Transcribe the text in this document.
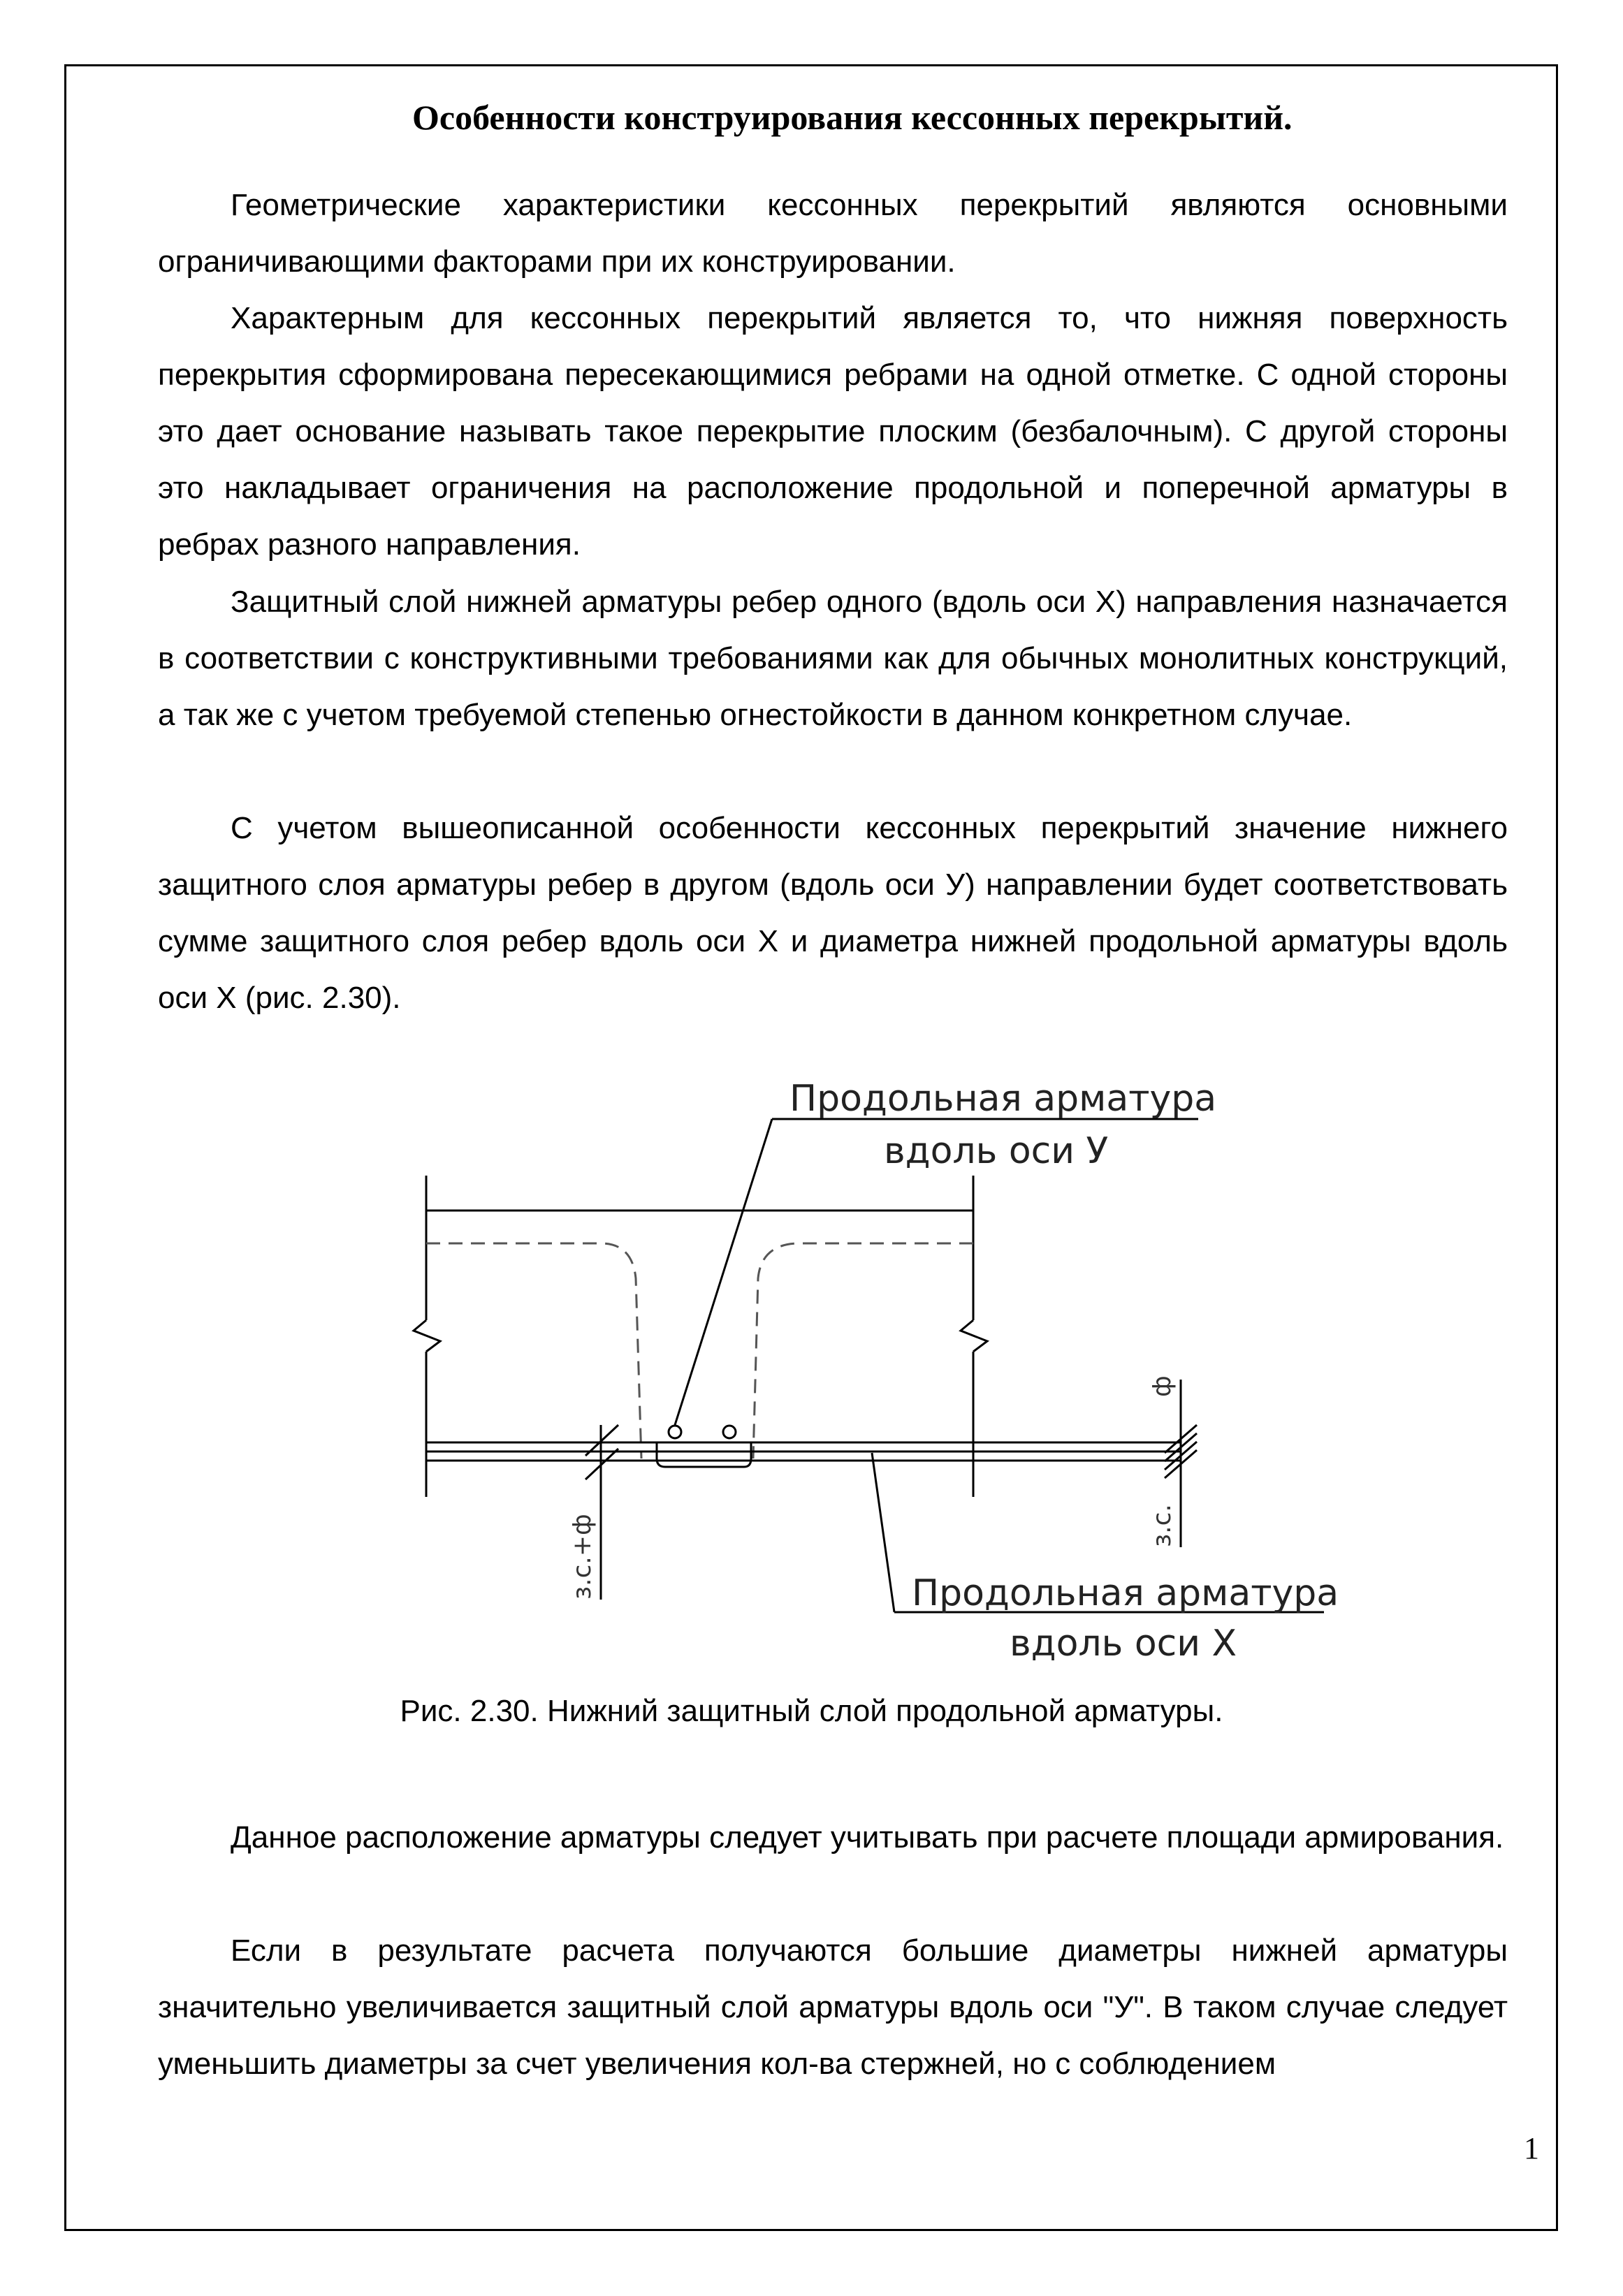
Особенности конструирования кессонных перекрытий.

Геометрические характеристики кессонных перекрытий являются основными ограничивающими факторами при их конструировании.

Характерным для кессонных перекрытий является то, что нижняя поверхность перекрытия сформирована пересекающимися ребрами на одной отметке. С одной стороны это дает основание называть такое перекрытие плоским (безбалочным). С другой стороны это накладывает ограничения на расположение продольной и поперечной арматуры в ребрах разного направления.

Защитный слой нижней арматуры ребер одного (вдоль оси Х) направления назначается в соответствии с конструктивными требованиями как для обычных монолитных конструкций, а так же с учетом требуемой степенью огнестойкости в данном конкретном случае.

С учетом вышеописанной особенности кессонных перекрытий значение нижнего защитного слоя арматуры ребер в другом (вдоль оси У) направлении будет соответствовать сумме защитного слоя ребер вдоль оси Х и диаметра нижней продольной арматуры вдоль оси Х (рис. 2.30).

з.с.+ф
ф
з.с.
Продольная арматура
вдоль оси У
Продольная арматура
вдоль оси Х
Рис. 2.30. Нижний защитный слой продольной арматуры.

Данное расположение арматуры следует учитывать при расчете площади армирования.

Если в результате расчета получаются большие диаметры нижней арматуры значительно увеличивается защитный слой арматуры вдоль оси "У". В таком случае следует уменьшить диаметры за счет увеличения кол-ва стержней, но с соблюдением

1
